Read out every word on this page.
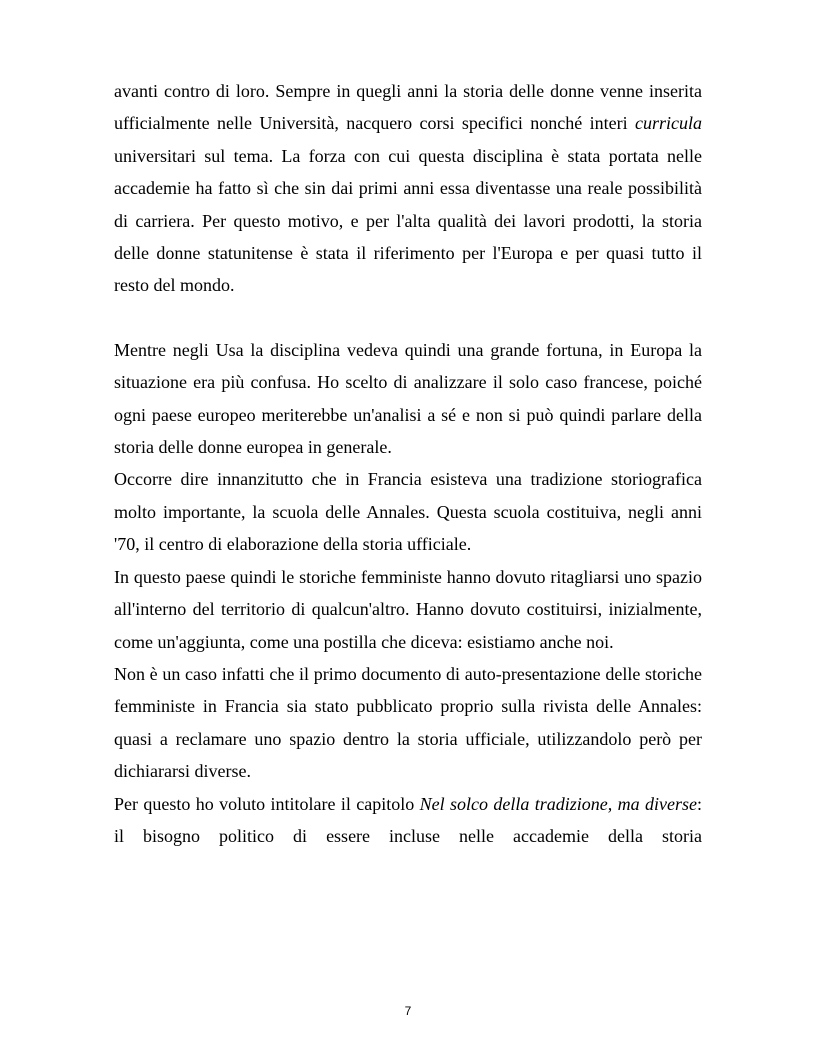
avanti contro di loro. Sempre in quegli anni la storia delle donne venne inserita ufficialmente nelle Università, nacquero corsi specifici nonché interi curricula universitari sul tema. La forza con cui questa disciplina è stata portata nelle accademie ha fatto sì che sin dai primi anni essa diventasse una reale possibilità di carriera. Per questo motivo, e per l'alta qualità dei lavori prodotti, la storia delle donne statunitense è stata il riferimento per l'Europa e per quasi tutto il resto del mondo.

Mentre negli Usa la disciplina vedeva quindi una grande fortuna, in Europa la situazione era più confusa. Ho scelto di analizzare il solo caso francese, poiché ogni paese europeo meriterebbe un'analisi a sé e non si può quindi parlare della storia delle donne europea in generale.

Occorre dire innanzitutto che in Francia esisteva una tradizione storiografica molto importante, la scuola delle Annales. Questa scuola costituiva, negli anni '70, il centro di elaborazione della storia ufficiale.

In questo paese quindi le storiche femministe hanno dovuto ritagliarsi uno spazio all'interno del territorio di qualcun'altro. Hanno dovuto costituirsi, inizialmente, come un'aggiunta, come una postilla che diceva: esistiamo anche noi.

Non è un caso infatti che il primo documento di auto-presentazione delle storiche femministe in Francia sia stato pubblicato proprio sulla rivista delle Annales: quasi a reclamare uno spazio dentro la storia ufficiale, utilizzandolo però per dichiararsi diverse.

Per questo ho voluto intitolare il capitolo Nel solco della tradizione, ma diverse: il bisogno politico di essere incluse nelle accademie della storia

7
